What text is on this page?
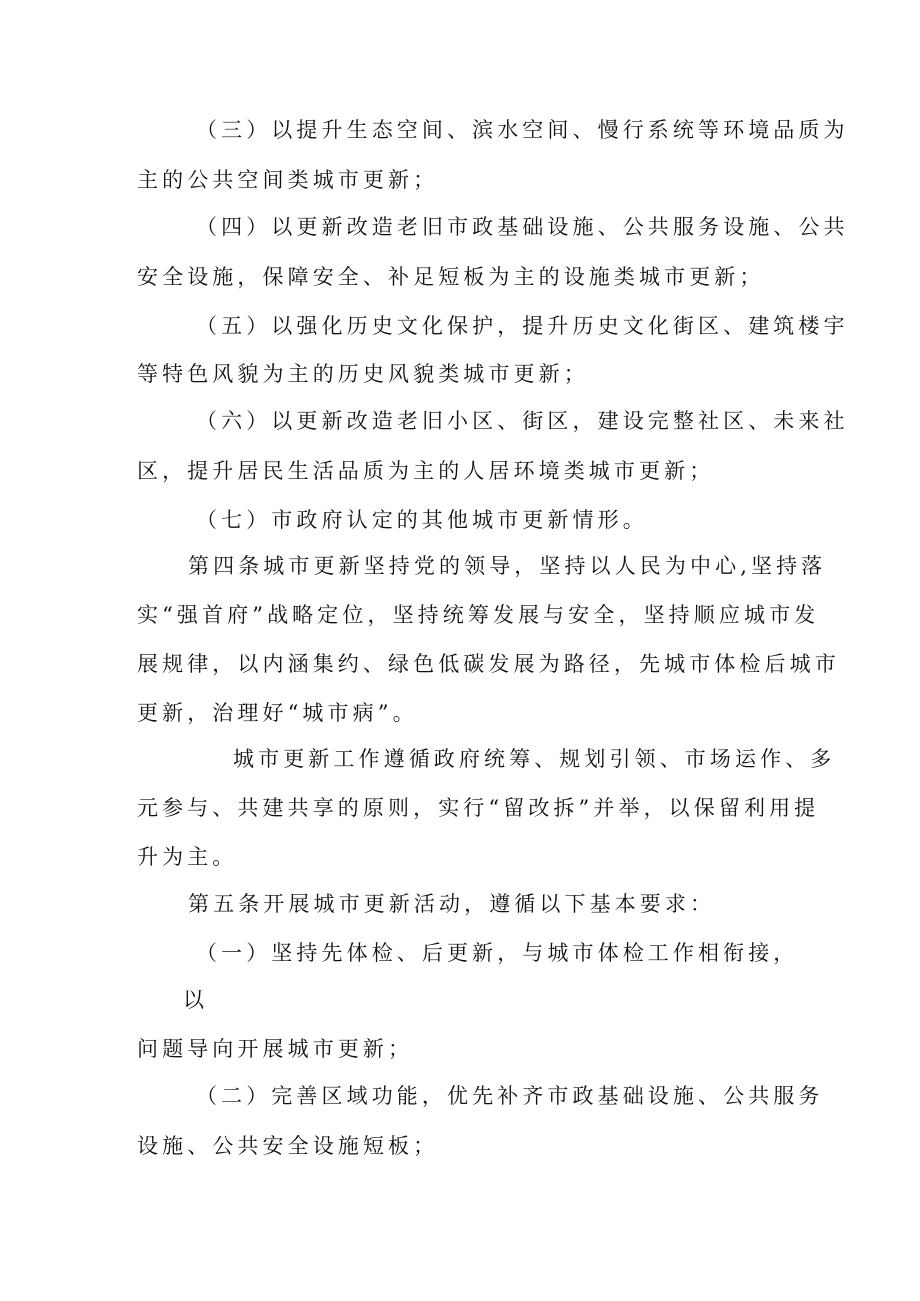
（三）以提升生态空间、滨水空间、慢行系统等环境品质为
主的公共空间类城市更新；
（四）以更新改造老旧市政基础设施、公共服务设施、公共
安全设施，保障安全、补足短板为主的设施类城市更新；
（五）以强化历史文化保护，提升历史文化街区、建筑楼宇
等特色风貌为主的历史风貌类城市更新；
（六）以更新改造老旧小区、街区，建设完整社区、未来社
区，提升居民生活品质为主的人居环境类城市更新；
（七）市政府认定的其他城市更新情形。
第四条城市更新坚持党的领导，坚持以人民为中心,坚持落
实“强首府”战略定位，坚持统筹发展与安全，坚持顺应城市发
展规律，以内涵集约、绿色低碳发展为路径，先城市体检后城市
更新，治理好“城市病”。
城市更新工作遵循政府统筹、规划引领、市场运作、多
元参与、共建共享的原则，实行“留改拆”并举，以保留利用提
升为主。
第五条开展城市更新活动，遵循以下基本要求：
（一）坚持先体检、后更新，与城市体检工作相衔接，
以
问题导向开展城市更新；
（二）完善区域功能，优先补齐市政基础设施、公共服务
设施、公共安全设施短板；
